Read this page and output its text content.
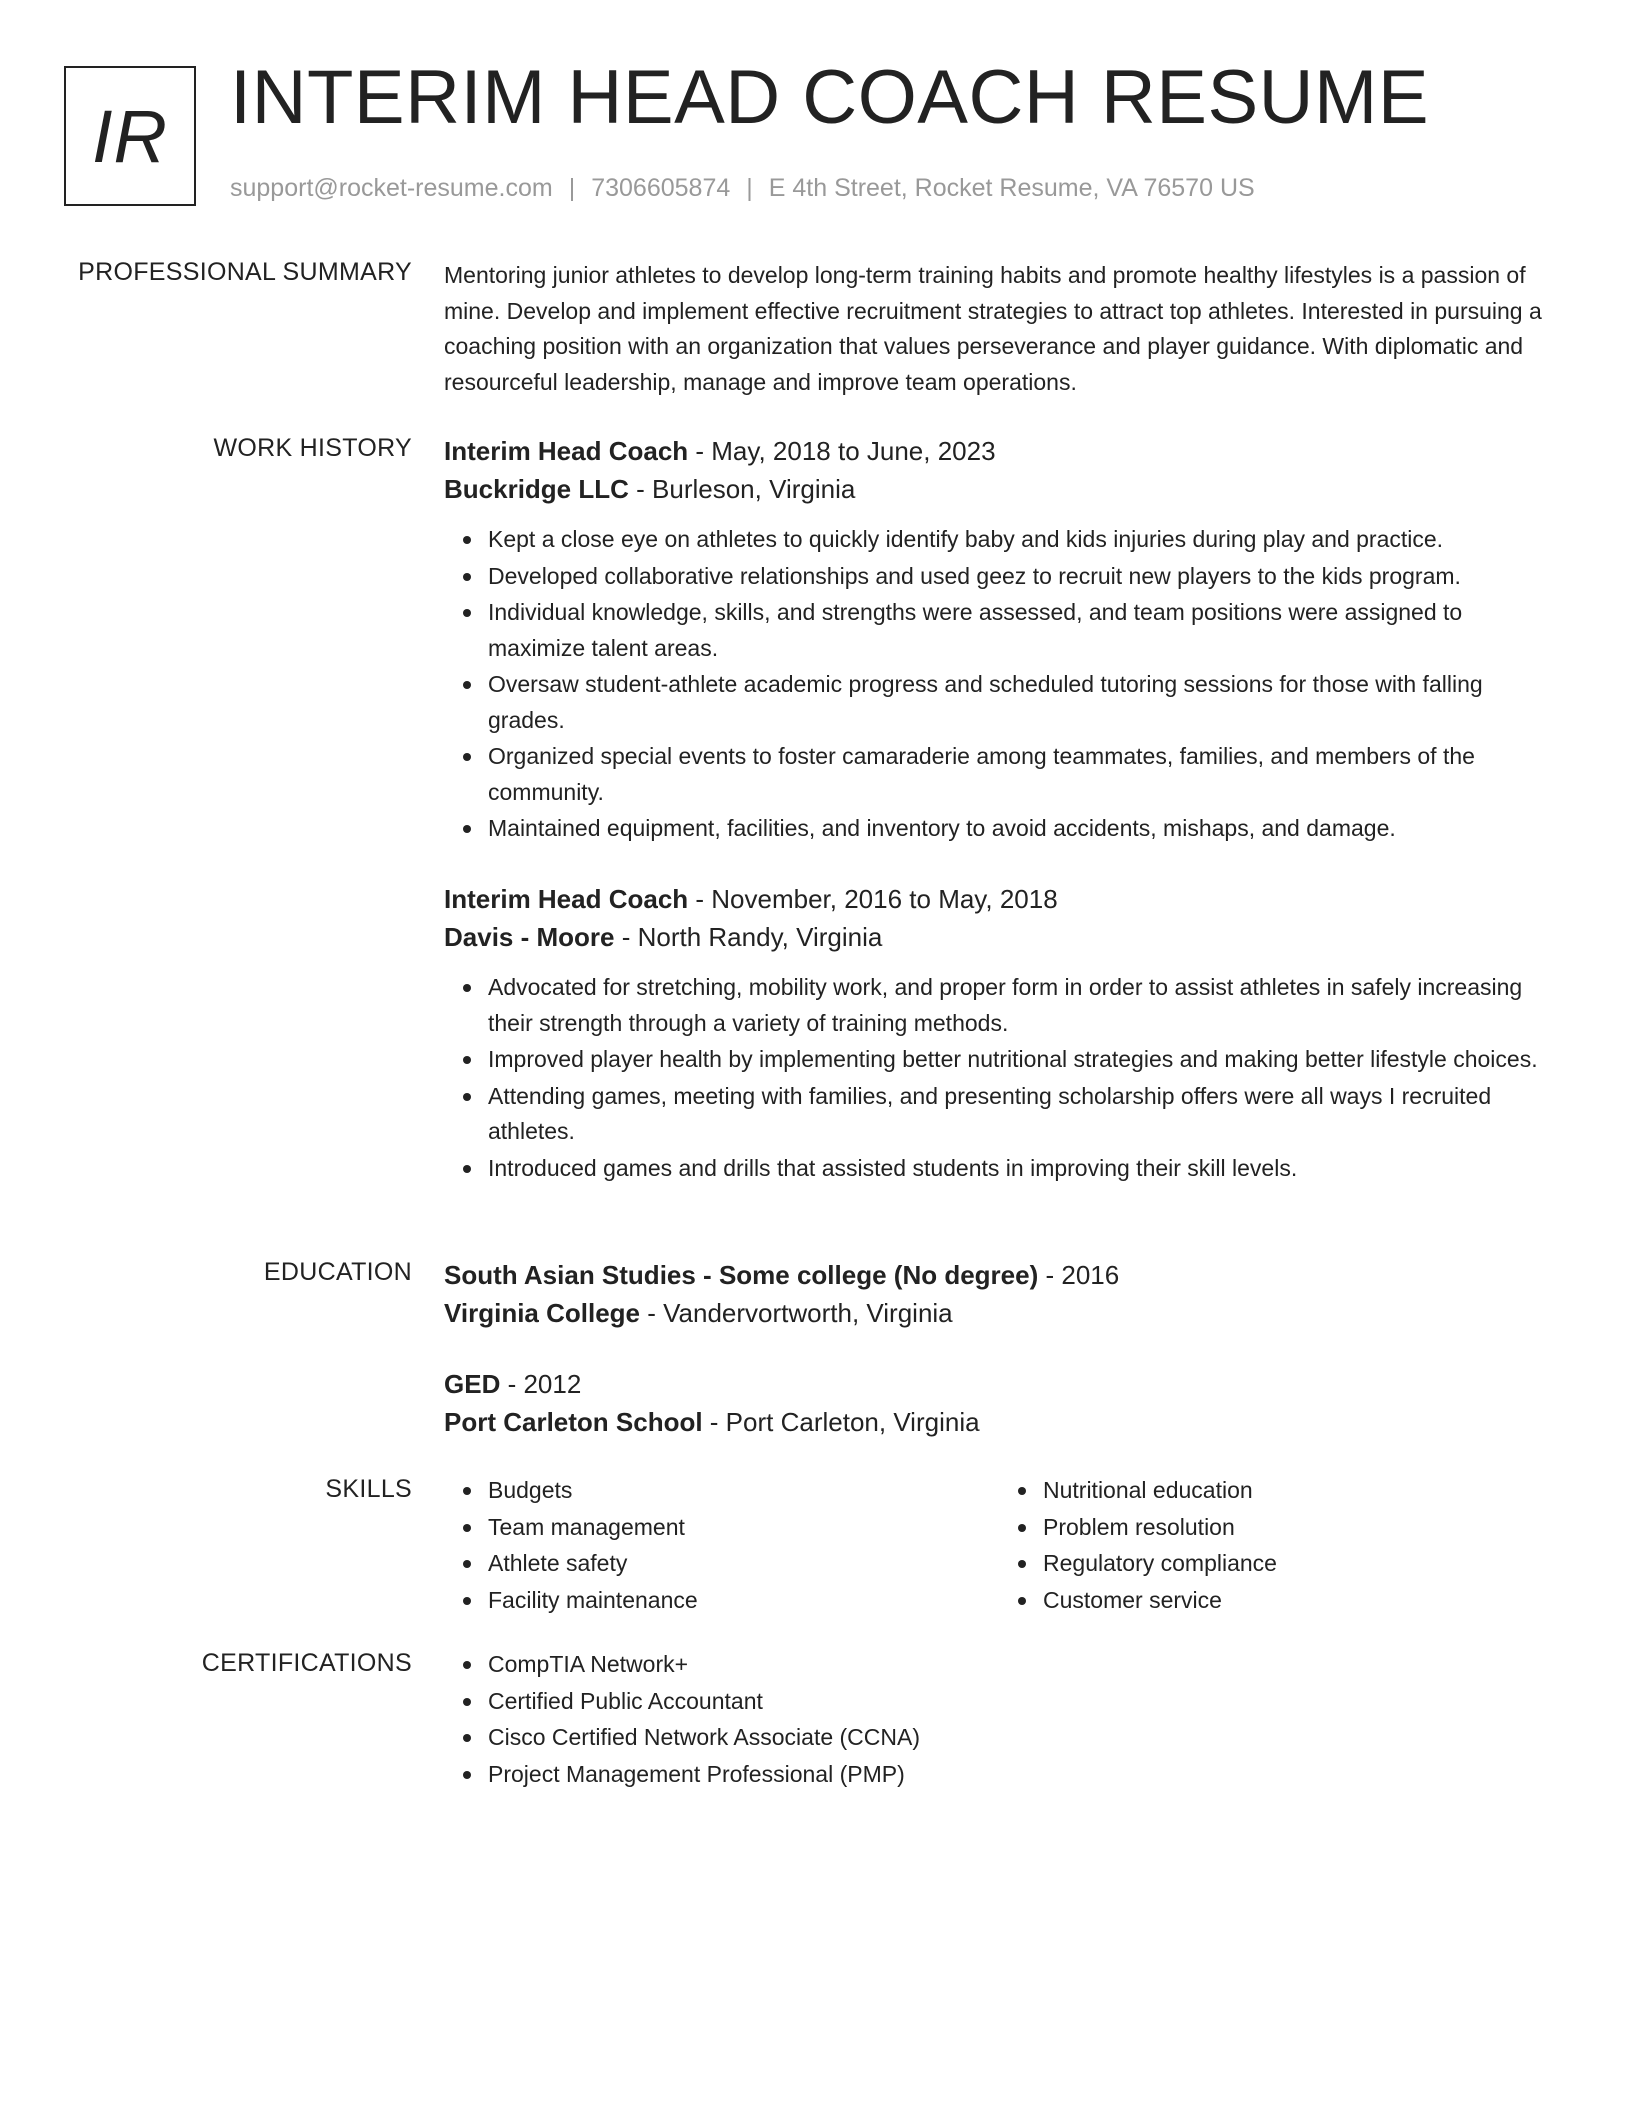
IR INTERIM HEAD COACH RESUME
support@rocket-resume.com | 7306605874 | E 4th Street, Rocket Resume, VA 76570 US
PROFESSIONAL SUMMARY Mentoring junior athletes to develop long-term training habits and promote healthy lifestyles is a passion of mine. Develop and implement effective recruitment strategies to attract top athletes. Interested in pursuing a coaching position with an organization that values perseverance and player guidance. With diplomatic and resourceful leadership, manage and improve team operations.
WORK HISTORY Interim Head Coach - May, 2018 to June, 2023
Buckridge LLC - Burleson, Virginia
Kept a close eye on athletes to quickly identify baby and kids injuries during play and practice.
Developed collaborative relationships and used geez to recruit new players to the kids program.
Individual knowledge, skills, and strengths were assessed, and team positions were assigned to maximize talent areas.
Oversaw student-athlete academic progress and scheduled tutoring sessions for those with falling grades.
Organized special events to foster camaraderie among teammates, families, and members of the community.
Maintained equipment, facilities, and inventory to avoid accidents, mishaps, and damage.
Interim Head Coach - November, 2016 to May, 2018
Davis - Moore - North Randy, Virginia
Advocated for stretching, mobility work, and proper form in order to assist athletes in safely increasing their strength through a variety of training methods.
Improved player health by implementing better nutritional strategies and making better lifestyle choices.
Attending games, meeting with families, and presenting scholarship offers were all ways I recruited athletes.
Introduced games and drills that assisted students in improving their skill levels.
EDUCATION South Asian Studies - Some college (No degree) - 2016
Virginia College - Vandervortworth, Virginia
GED - 2012
Port Carleton School - Port Carleton, Virginia
SKILLS	Budgets
Team management
Athlete safety
Facility maintenance
Nutritional education
Problem resolution
Regulatory compliance
Customer service
CERTIFICATIONS	CompTIA Network+
Certified Public Accountant
Cisco Certified Network Associate (CCNA)
Project Management Professional (PMP)
